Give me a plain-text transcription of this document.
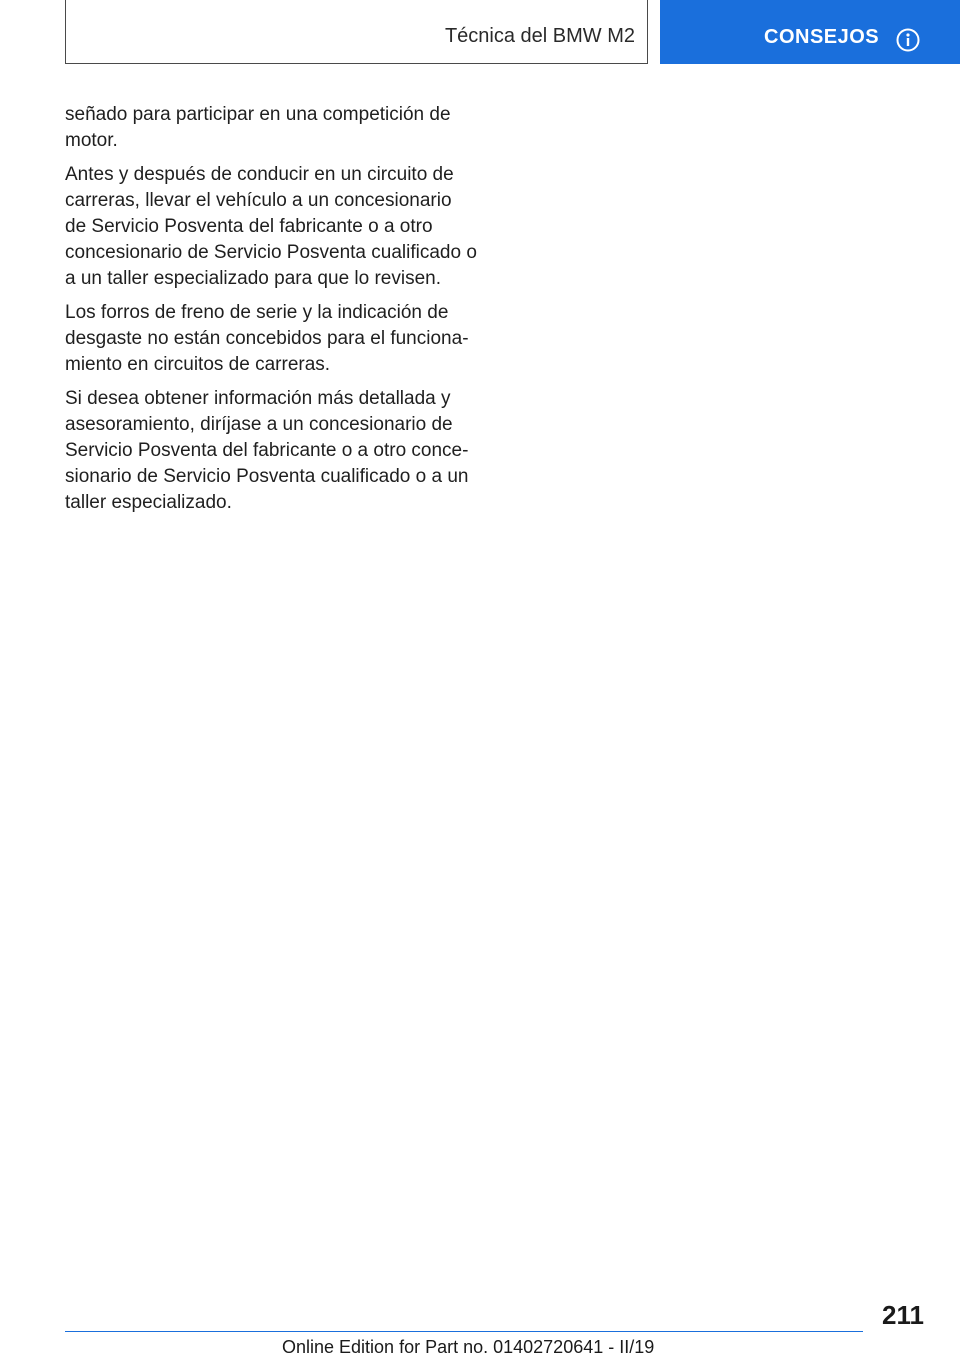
Técnica del BMW M2	CONSEJOS

señado para participar en una competición de motor.

Antes y después de conducir en un circuito de carreras, llevar el vehículo a un concesionario de Servicio Posventa del fabricante o a otro concesionario de Servicio Posventa cualificado o a un taller especializado para que lo revisen.

Los forros de freno de serie y la indicación de desgaste no están concebidos para el funcionamiento en circuitos de carreras.

Si desea obtener información más detallada y asesoramiento, diríjase a un concesionario de Servicio Posventa del fabricante o a otro concesionario de Servicio Posventa cualificado o a un taller especializado.

211
Online Edition for Part no. 01402720641 - II/19
